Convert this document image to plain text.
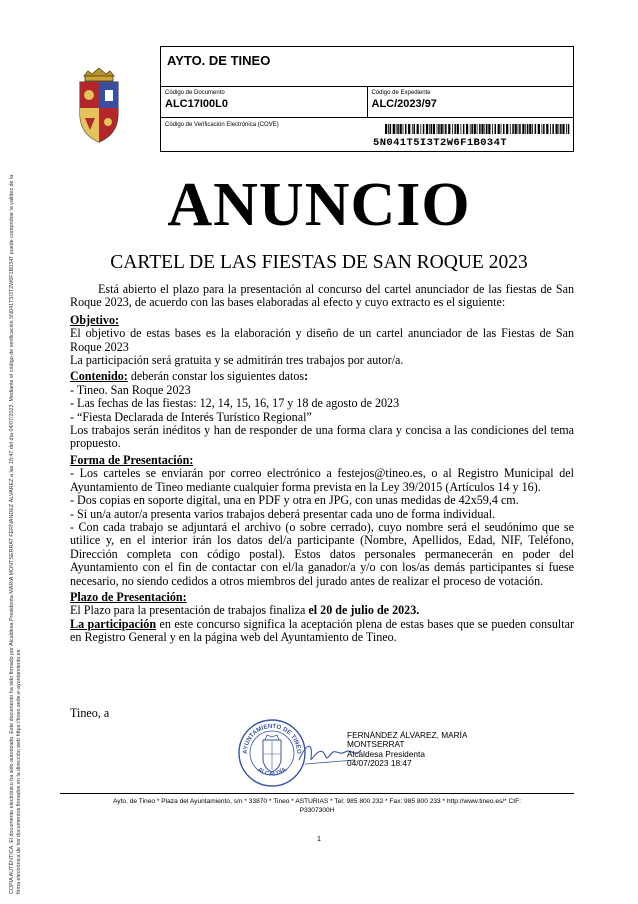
COPIA AUTÉNTICA. El documento electrónico ha sido autorizado. Este documento ha sido firmado por Alcaldesa Presidenta MARIA MONTSERRAT FERNANDEZ ÁLVAREZ a las 18:47 del día 04/07/2023. Mediante el código de verificación 5N041T5I3T2W6F1B034T puede comprobar la validez de la firma electrónica de los documentos firmados en la dirección web https://tineo.sede.e-ayuntamiento.es
AYTO. DE TINEO
Código de Documento
ALC17I00L0
Código de Expediente
ALC/2023/97
Código de Verificación Electrónica (COVE)
5N041T5I3T2W6F1B034T
ANUNCIO
CARTEL DE LAS FIESTAS DE SAN ROQUE 2023

Está abierto el plazo para la presentación al concurso del cartel anunciador de las fiestas de San Roque 2023, de acuerdo con las bases elaboradas al efecto y cuyo extracto es el siguiente:

Objetivo:

El objetivo de estas bases es la elaboración y diseño de un cartel anunciador de las Fiestas de San Roque 2023

La participación será gratuita y se admitirán tres trabajos por autor/a.

Contenido: deberán constar los siguientes datos:

- Tineo. San Roque 2023

- Las fechas de las fiestas: 12, 14, 15, 16, 17 y 18 de agosto de 2023

- “Fiesta Declarada de Interés Turístico Regional”

Los trabajos serán inéditos y han de responder de una forma clara y concisa a las condiciones del tema propuesto.

Forma de Presentación:

- Los carteles se enviarán por correo electrónico a festejos@tineo.es, o al Registro Municipal del Ayuntamiento de Tineo mediante cualquier forma prevista en la Ley 39/2015 (Artículos 14 y 16).

- Dos copias en soporte digital, una en PDF y otra en JPG, con unas medidas de 42x59,4 cm.

- Si un/a autor/a presenta varios trabajos deberá presentar cada uno de forma individual.

- Con cada trabajo se adjuntará el archivo (o sobre cerrado), cuyo nombre será el seudónimo que se utilice y, en el interior irán los datos del/a participante (Nombre, Apellidos, Edad, NIF, Teléfono, Dirección completa con código postal). Estos datos personales permanecerán en poder del Ayuntamiento con el fin de contactar con el/la ganador/a y/o con los/as demás participantes si fuese necesario, no siendo cedidos a otros miembros del jurado antes de realizar el proceso de votación.

Plazo de Presentación:

El Plazo para la presentación de trabajos finaliza el 20 de julio de 2023.

La participación en este concurso significa la aceptación plena de estas bases que se pueden consultar en Registro General y en la página web del Ayuntamiento de Tineo.

Tineo, a
AYUNTAMIENTO DE TINEO
ALCALDÍA
FERNÁNDEZ ÁLVAREZ, MARÍA
MONTSERRAT
Alcaldesa Presidenta
04/07/2023 18:47
Ayto. de Tineo * Plaza del Ayuntamiento, s/n * 33870 * Tineo * ASTURIAS * Tel: 985 800 232 * Fax: 985 800 233 * http://www.tineo.es/* CIF:
P3307300H
1
